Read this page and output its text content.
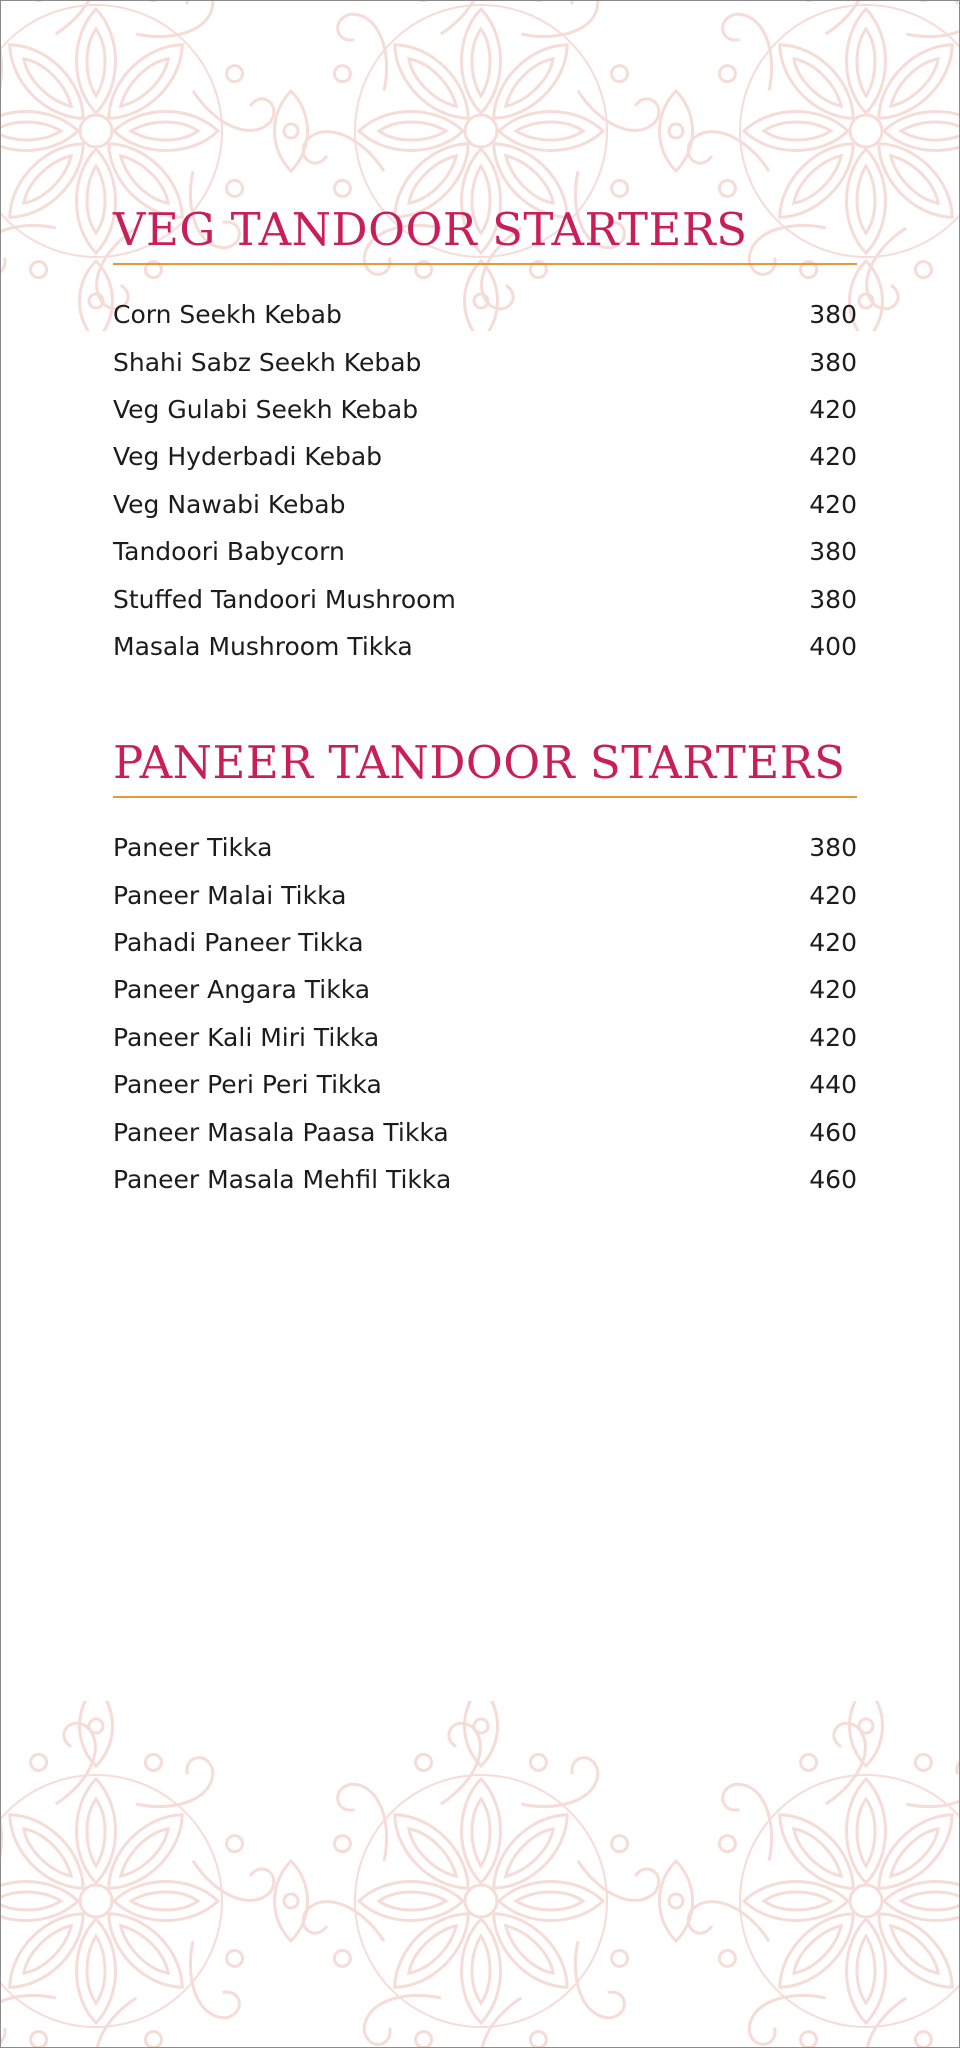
VEG TANDOOR STARTERS
Corn Seekh Kebab	380
Shahi Sabz Seekh Kebab	380
Veg Gulabi Seekh Kebab	420
Veg Hyderbadi Kebab	420
Veg Nawabi Kebab	420
Tandoori Babycorn	380
Stuffed Tandoori Mushroom	380
Masala Mushroom Tikka	400
PANEER TANDOOR STARTERS
Paneer Tikka	380
Paneer Malai Tikka	420
Pahadi Paneer Tikka	420
Paneer Angara Tikka	420
Paneer Kali Miri Tikka	420
Paneer Peri Peri Tikka	440
Paneer Masala Paasa Tikka	460
Paneer Masala Mehfil Tikka	460
